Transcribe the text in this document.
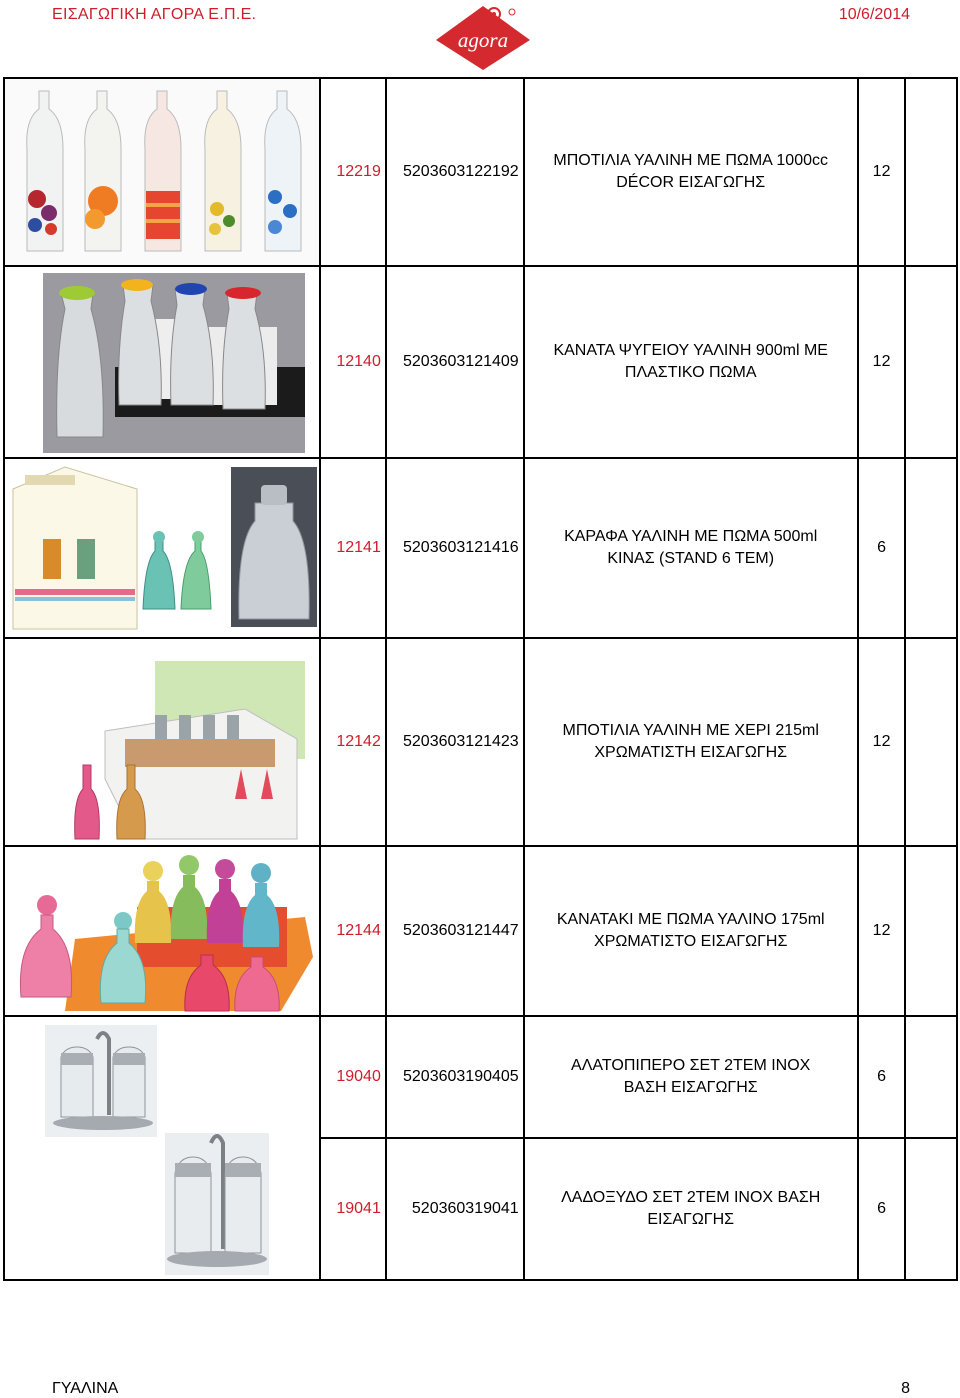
ΕΙΣΑΓΩΓΙΚΗ ΑΓΟΡΑ Ε.Π.Ε.
agora
10/6/2014
	12219	5203603122192	ΜΠΟΤΙΛΙΑ ΥΑΛΙΝΗ ΜΕ ΠΩΜΑ 1000cc
DÉCOR ΕΙΣΑΓΩΓΗΣ	12	

	12140	5203603121409	ΚΑΝΑΤΑ ΨΥΓΕΙΟΥ ΥΑΛΙΝΗ 900ml ΜΕ
ΠΛΑΣΤΙΚΟ ΠΩΜΑ	12	

	12141	5203603121416	ΚΑΡΑΦΑ ΥΑΛΙΝΗ ΜΕ ΠΩΜΑ 500ml
ΚΙΝΑΣ (STAND 6 TEM)	6	

	12142	5203603121423	ΜΠΟΤΙΛΙΑ ΥΑΛΙΝΗ ΜΕ ΧΕΡΙ 215ml
ΧΡΩΜΑΤΙΣΤΗ ΕΙΣΑΓΩΓΗΣ	12	

	12144	5203603121447	ΚΑΝΑΤΑΚΙ ΜΕ ΠΩΜΑ ΥΑΛΙΝΟ 175ml
ΧΡΩΜΑΤΙΣΤΟ ΕΙΣΑΓΩΓΗΣ	12	

	19040	5203603190405	ΑΛΑΤΟΠΙΠΕΡΟ ΣΕΤ 2ΤΕΜ ΙΝΟΧ
ΒΑΣΗ ΕΙΣΑΓΩΓΗΣ	6	
	19041	520360319041	ΛΑΔΟΞΥΔΟ ΣΕΤ 2ΤΕΜ ΙΝΟΧ ΒΑΣΗ
ΕΙΣΑΓΩΓΗΣ	6	
ΓΥΑΛΙΝΑ	8
